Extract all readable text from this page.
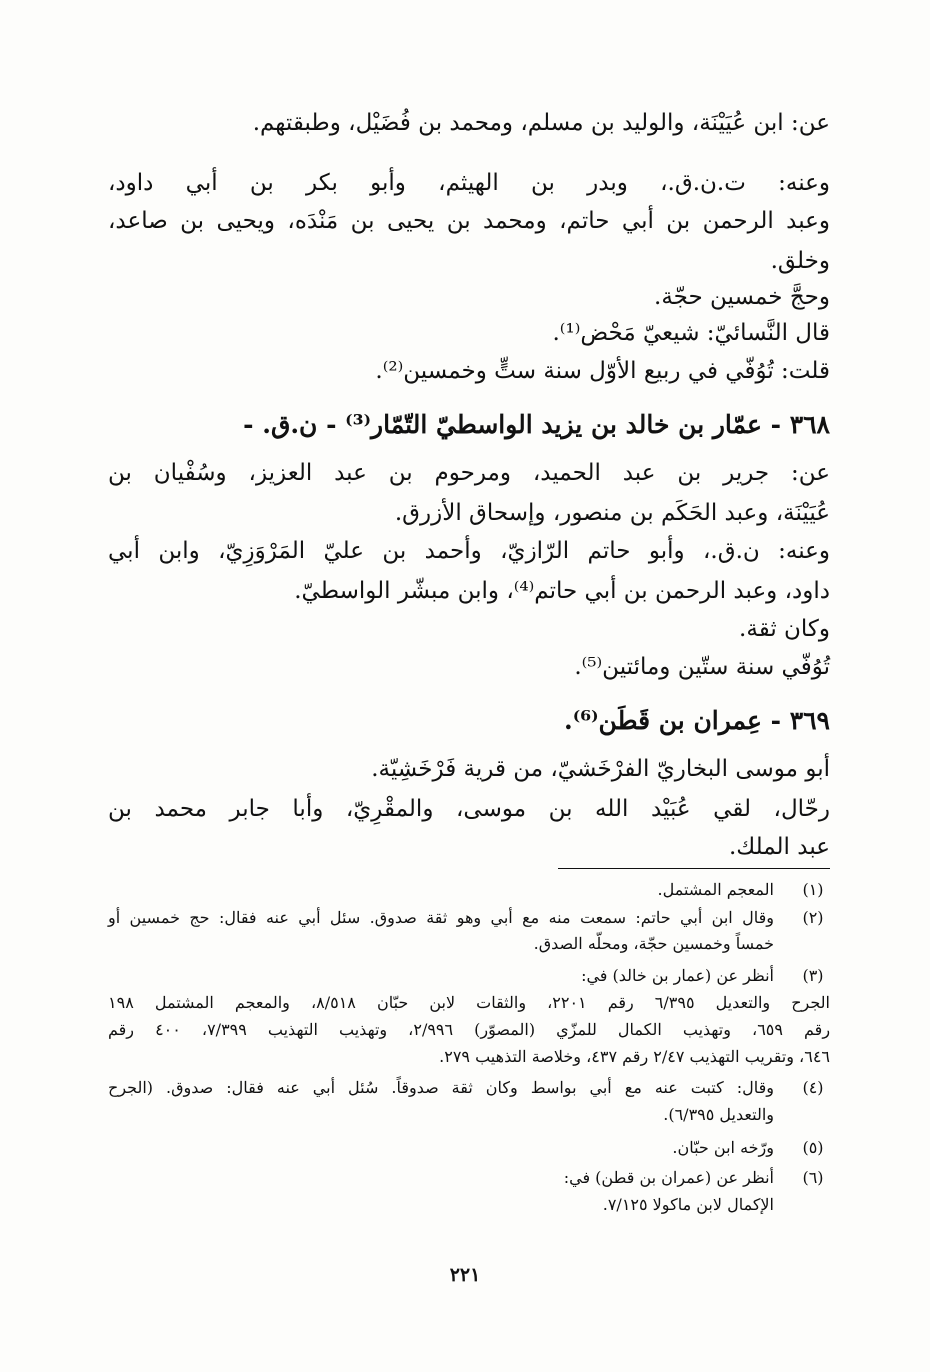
عن: ابن عُيَيْنَة، والوليد بن مسلم، ومحمد بن فُضَيْل، وطبقتهم.
وعنه: ت.ن.ق.، وبدر بن الهيثم، وأبو بكر بن أبي داود،
وعبد الرحمن بن أبي حاتم، ومحمد بن يحيى بن مَنْدَه، ويحيى بن صاعد،
وخلق.
وحجَّ خمسين حجّة.
قال النَّسائيّ: شيعيّ مَحْض⁽¹⁾.
قلت: تُوُفّي في ربيع الأوّل سنة ستٍّ وخمسين⁽²⁾.
٣٦٨ - عمّار بن خالد بن يزيد الواسطيّ التّمّار⁽³⁾ - ن.ق. -
عن: جرير بن عبد الحميد، ومرحوم بن عبد العزيز، وسُفْيان بن
عُيَيْنَة، وعبد الحَكَم بن منصور، وإسحاق الأزرق.
وعنه: ن.ق.، وأبو حاتم الرّازيّ، وأحمد بن عليّ المَرْوَزِيّ، وابن أبي
داود، وعبد الرحمن بن أبي حاتم⁽⁴⁾، وابن مبشّر الواسطيّ.
وكان ثقة.
تُوُفّي سنة ستّين ومائتين⁽⁵⁾.
٣٦٩ - عِمران بن قَطَن⁽⁶⁾.
أبو موسى البخاريّ الفرْخَشيّ، من قرية فَرْخَشِيّة.
رحّال، لقي عُبَيْد الله بن موسى، والمقْرِيّ، وأبا جابر محمد بن
عبد الملك.
(١)
المعجم المشتمل.
(٢)
وقال ابن أبي حاتم: سمعت منه مع أبي وهو ثقة صدوق. سئل أبي عنه فقال: حج خمسين أو
خمساً وخمسين حجّة، ومحلّه الصدق.
(٣)
أنظر عن (عمار بن خالد) في:
الجرح والتعديل ٦/٣٩٥ رقم ٢٢٠١، والثقات لابن حبّان ٨/٥١٨، والمعجم المشتمل ١٩٨
رقم ٦٥٩، وتهذيب الكمال للمزّي (المصوّر) ٢/٩٩٦، وتهذيب التهذيب ٧/٣٩٩، ٤٠٠ رقم
٦٤٦، وتقريب التهذيب ٢/٤٧ رقم ٤٣٧، وخلاصة التذهيب ٢٧٩.
(٤)
وقال: كتبت عنه مع أبي بواسط وكان ثقة صدوقاً. سُئل أبي عنه فقال: صدوق. (الجرح
والتعديل ٦/٣٩٥).
(٥)
ورّخه ابن حبّان.
(٦)
أنظر عن (عمران بن قطن) في:
الإكمال لابن ماكولا ٧/١٢٥.
٢٢١
